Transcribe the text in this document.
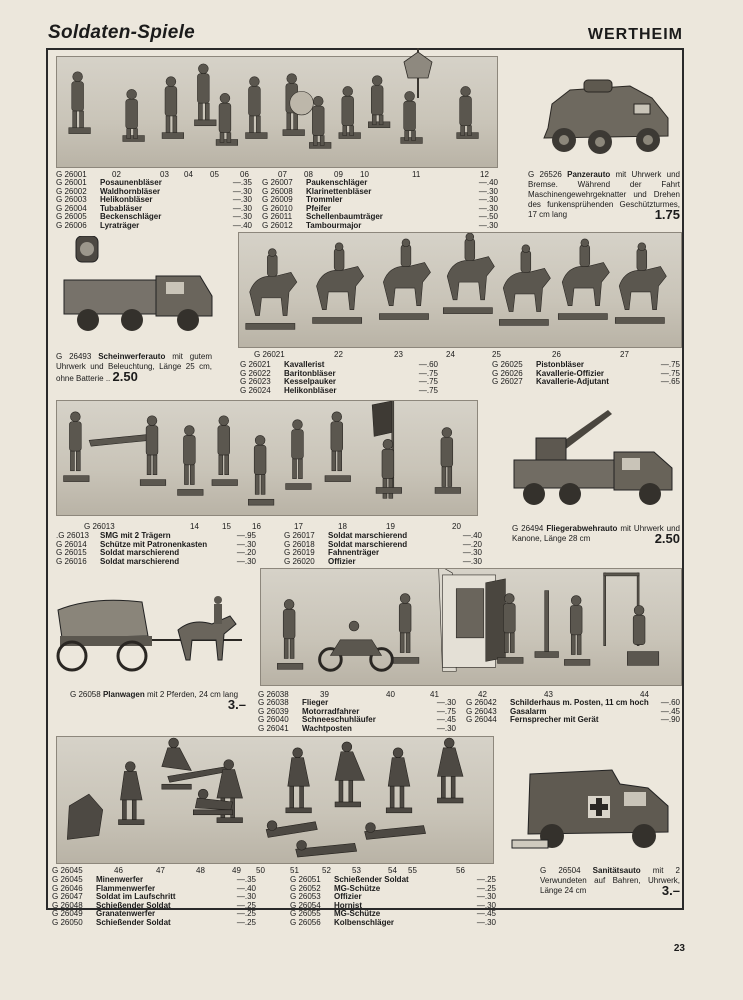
Soldaten-Spiele	WERTHEIM
G 26001	02	03 04 05	06	07 08	09 10	11	12
G 26001	Posaunenbläser	—.35
G 26002	Waldhornbläser	—.30
G 26003	Helikonbläser	—.30
G 26004	Tubabläser	—.30
G 26005	Beckenschläger	—.30
G 26006	Lyraträger	—.40
G 26007	Paukenschläger	—.40
G 26008	Klarinettenbläser	—.30
G 26009	Trommler	—.30
G 26010	Pfeifer	—.30
G 26011	Schellenbaumträger	—.50
G 26012	Tambourmajor	—.30
G 26526 Panzerauto mit Uhrwerk und Bremse. Während der Fahrt Maschinengewehrgeknatter und Drehen des funkensprühenden Geschützturmes, 17 cm lang	1.75
G 26493 Scheinwerferauto mit gutem Uhrwerk und Beleuchtung, Länge 25 cm, ohne Batterie .. 2.50
G 26021	22	23	24	25	26	27
G 26021	Kavallerist	—.60
G 26022	Baritonbläser	—.75
G 26023	Kesselpauker	—.75
G 26024	Helikonbläser	—.75
G 26025	Pistonbläser	—.75
G 26026	Kavallerie-Offizier	—.75
G 26027	Kavallerie-Adjutant	—.65
G 26013	14	15	16	17	18	19	20
.G 26013	SMG mit 2 Trägern	—.95
G 26014	Schütze mit Patronenkasten	—.30
G 26015	Soldat marschierend	—.20
G 26016	Soldat marschierend	—.30
G 26017	Soldat marschierend	—.40
G 26018	Soldat marschierend	—.20
G 26019	Fahnenträger	—.30
G 26020	Offizier	—.30
G 26494 Fliegerabwehrauto mit Uhrwerk und Kanone, Länge 28 cm	2.50
G 26058 Planwagen mit 2 Pferden, 24 cm lang
3.–
G 26038	39	40	41	42	43	44
G 26038	Flieger	—.30
G 26039	Motorradfahrer	—.75
G 26040	Schneeschuhläufer	—.45
G 26041	Wachtposten	—.30
G 26042	Schilderhaus m. Posten, 11 cm hoch	—.60
G 26043	Gasalarm	—.45
G 26044	Fernsprecher mit Gerät	—.90
G 26045	46	47	48	49 50	51	52	53	54 55	56
G 26045	Minenwerfer	—.35
G 26046	Flammenwerfer	—.40
G 26047	Soldat im Laufschritt	—.30
G 26048	Schießender Soldat	—.25
G 26049	Granatenwerfer	—.25
G 26050	Schießender Soldat	—.25
G 26051	Schießender Soldat	—.25
G 26052	MG-Schütze	—.25
G 26053	Offizier	—.30
G 26054	Hornist	—.30
G 26055	MG-Schütze	—.45
G 26056	Kolbenschläger	—.30
G 26504 Sanitätsauto mit 2 Verwundeten auf Bahren, Uhrwerk, Länge 24 cm	3.–
23
